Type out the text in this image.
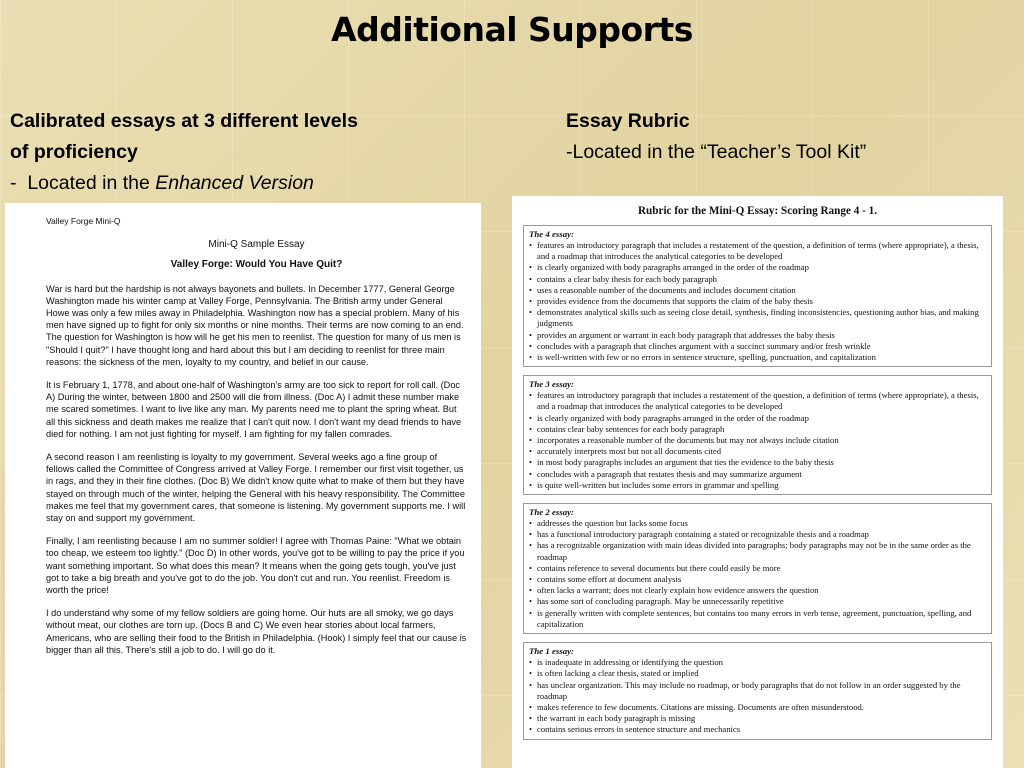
Additional Supports
Calibrated essays at 3 different levels
of proficiency
-  Located in the Enhanced Version
Essay Rubric
-Located in the “Teacher’s Tool Kit”
Valley Forge Mini-Q
Mini-Q Sample Essay
Valley Forge: Would You Have Quit?

War is hard but the hardship is not always bayonets and bullets. In December 1777, General George Washington made his winter camp at Valley Forge, Pennsylvania. The British army under General Howe was only a few miles away in Philadelphia. Washington now has a special problem. Many of his men have signed up to fight for only six months or nine months. Their terms are now coming to an end. The question for Washington is how will he get his men to reenlist. The question for many of us men is "Should I quit?" I have thought long and hard about this but I am deciding to reenlist for three main reasons: the sickness of the men, loyalty to my country, and belief in our cause.

It is February 1, 1778, and about one-half of Washington's army are too sick to report for roll call. (Doc A) During the winter, between 1800 and 2500 will die from illness. (Doc A) I admit these number make me scared sometimes. I want to live like any man. My parents need me to plant the spring wheat. But all this sickness and death makes me realize that I can't quit now. I don't want my dead friends to have died for nothing. I am not just fighting for myself. I am fighting for my fallen comrades.

A second reason I am reenlisting is loyalty to my government. Several weeks ago a fine group of fellows called the Committee of Congress arrived at Valley Forge. I remember our first visit together, us in rags, and they in their fine clothes. (Doc B) We didn't know quite what to make of them but they have stayed on through much of the winter, helping the General with his heavy responsibility. The Committee makes me feel that my government cares, that someone is listening. My government supports me. I will stay on and support my government.

Finally, I am reenlisting because I am no summer soldier! I agree with Thomas Paine: "What we obtain too cheap, we esteem too lightly." (Doc D) In other words, you've got to be willing to pay the price if you want something important. So what does this mean? It means when the going gets tough, you've just got to take a big breath and you've got to do the job. You don't cut and run. You reenlist. Freedom is worth the price!

I do understand why some of my fellow soldiers are going home. Our huts are all smoky, we go days without meat, our clothes are torn up. (Docs B and C) We even hear stories about local farmers, Americans, who are selling their food to the British in Philadelphia. (Hook) I simply feel that our cause is bigger than all this. There's still a job to do. I will go do it.

Rubric for the Mini-Q Essay: Scoring Range 4 - 1.
The 4 essay:
• features an introductory paragraph that includes a restatement of the question, a definition of terms (where appropriate), a thesis, and a roadmap that introduces the analytical categories to be developed
• is clearly organized with body paragraphs arranged in the order of the roadmap
• contains a clear baby thesis for each body paragraph
• uses a reasonable number of the documents and includes document citation
• provides evidence from the documents that supports the claim of the baby thesis
• demonstrates analytical skills such as seeing close detail, synthesis, finding inconsistencies, questioning author bias, and making judgments
• provides an argument or warrant in each body paragraph that addresses the baby thesis
• concludes with a paragraph that clinches argument with a succinct summary and/or fresh wrinkle
• is well-written with few or no errors in sentence structure, spelling, punctuation, and capitalization
The 3 essay:
• features an introductory paragraph that includes a restatement of the question, a definition of terms (where appropriate), a thesis, and a roadmap that introduces the analytical categories to be developed
• is clearly organized with body paragraphs arranged in the order of the roadmap
• contains clear baby sentences for each body paragraph
• incorporates a reasonable number of the documents but may not always include citation
• accurately interprets most but not all documents cited
• in most body paragraphs includes an argument that ties the evidence to the baby thesis
• concludes with a paragraph that restates thesis and may summarize argument
• is quite well-written but includes some errors in grammar and spelling
The 2 essay:
• addresses the question but lacks some focus
• has a functional introductory paragraph containing a stated or recognizable thesis and a roadmap
• has a recognizable organization with main ideas divided into paragraphs; body paragraphs may not be in the same order as the roadmap
• contains reference to several documents but there could easily be more
• contains some effort at document analysis
• often lacks a warrant; does not clearly explain how evidence answers the question
• has some sort of concluding paragraph. May be unnecessarily repetitive
• is generally written with complete sentences, but contains too many errors in verb tense, agreement, punctuation, spelling, and capitalization
The 1 essay:
• is inadequate in addressing or identifying the question
• is often lacking a clear thesis, stated or implied
• has unclear organization. This may include no roadmap, or body paragraphs that do not follow in an order suggested by the roadmap
• makes reference to few documents. Citations are missing. Documents are often misunderstood.
• the warrant in each body paragraph is missing
• contains serious errors in sentence structure and mechanics
